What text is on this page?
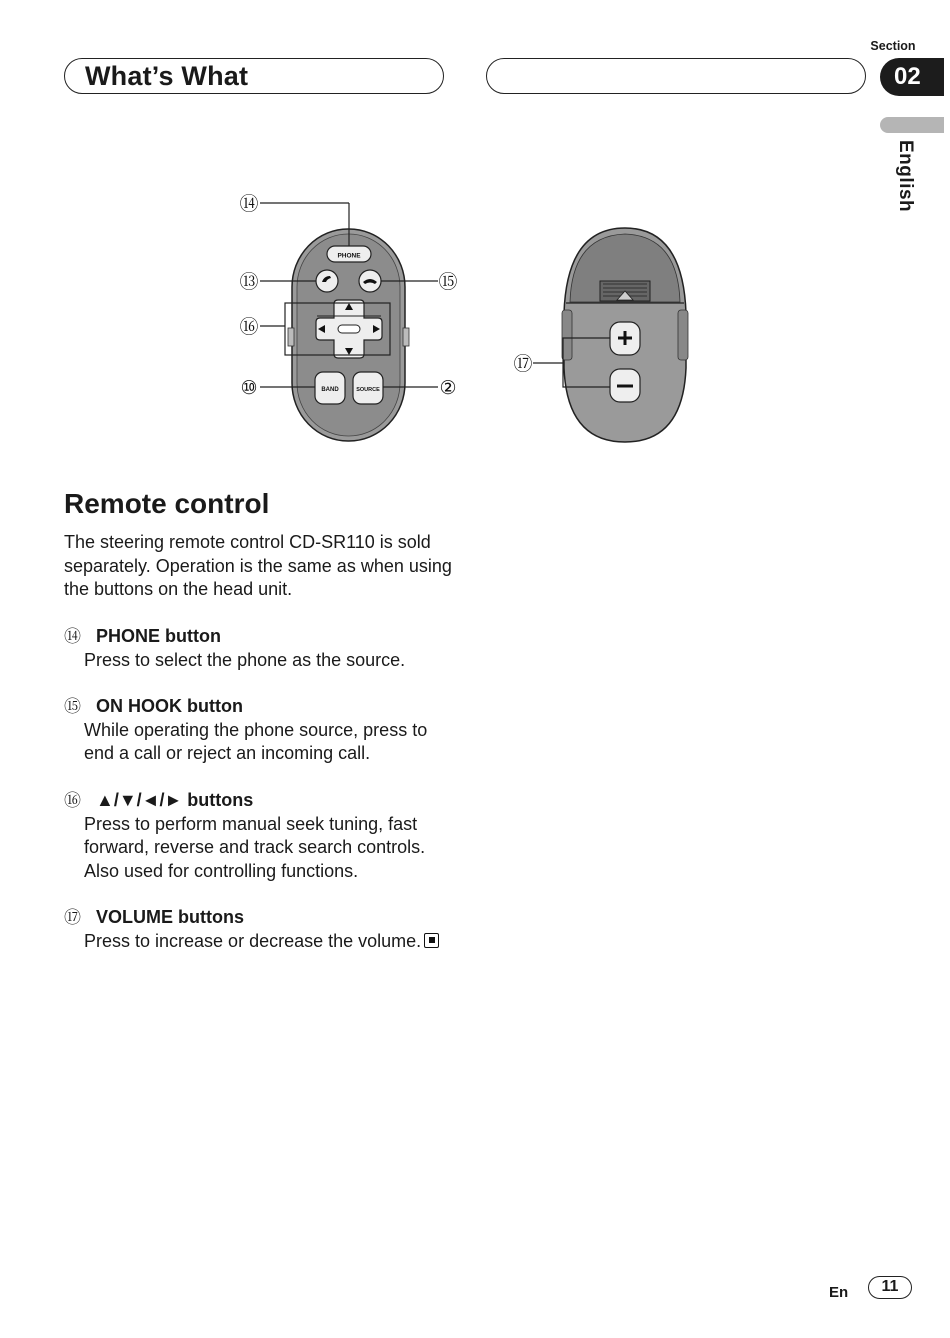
What’s What
Section
02
English
PHONE
BAND	SOURCE
⑭
⑬	⑮
⑯
⑩	②
⑰
Remote control

The steering remote control CD-SR110 is sold separately. Operation is the same as when using the buttons on the head unit.

⑭ PHONE button
Press to select the phone as the source.
⑮ ON HOOK button
While operating the phone source, press to end a call or reject an incoming call.
⑯ ▲/▼/◄/► buttons
Press to perform manual seek tuning, fast forward, reverse and track search controls. Also used for controlling functions.
⑰ VOLUME buttons
Press to increase or decrease the volume.
En	11
